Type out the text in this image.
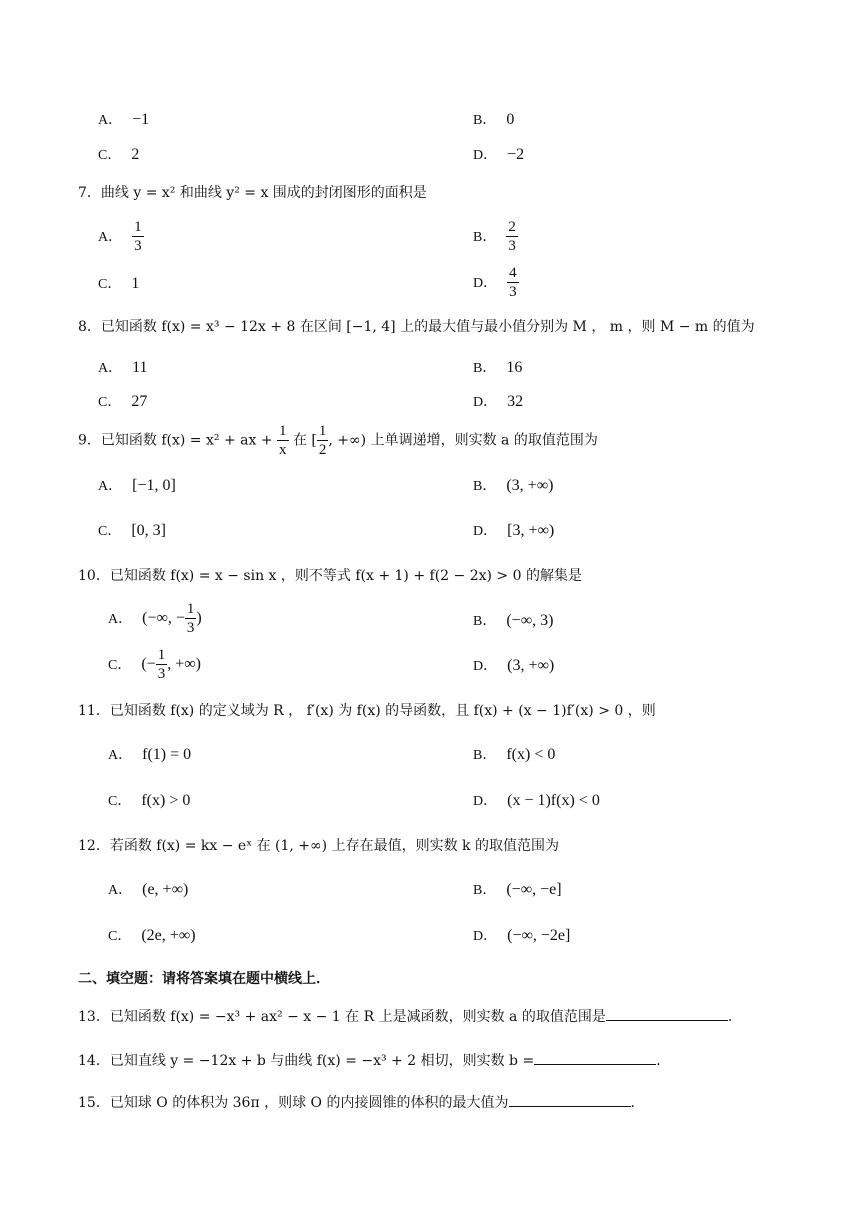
A． −1	B． 0
C． 2	D． −2
7．曲线 y = x² 和曲线 y² = x 围成的封闭图形的面积是
A． $\frac{1}{3}$	B． $\frac{2}{3}$
C． 1	D． $\frac{4}{3}$
8．已知函数 f(x) = x³ − 12x + 8 在区间 [−1, 4] 上的最大值与最小值分别为 M ， m ，则 M − m 的值为
A． 11	B． 16
C． 27	D． 32
9．已知函数 f(x) = x² + ax + $\frac{1}{x}$ 在 [ $\frac{1}{2}$ , +∞) 上单调递增，则实数 a 的取值范围为
A． [−1, 0]	B． (3, +∞)
C． [0, 3]	D． [3, +∞)
10．已知函数 f(x) = x − sin x ，则不等式 f(x + 1) + f(2 − 2x) > 0 的解集是
A． (−∞, − $\frac{1}{3}$ )	B． (−∞, 3)
C． (− $\frac{1}{3}$ , +∞)	D． (3, +∞)
11．已知函数 f(x) 的定义域为 R ， f′(x) 为 f(x) 的导函数，且 f(x) + (x − 1)f′(x) > 0 ，则
A． f(1) = 0	B． f(x) < 0
C． f(x) > 0	D． (x − 1)f(x) < 0
12．若函数 f(x) = kx − eˣ 在 (1, +∞) 上存在最值，则实数 k 的取值范围为
A． (e, +∞)	B． (−∞, −e]
C． (2e, +∞)	D． (−∞, −2e]
二、填空题：请将答案填在题中横线上．
13．已知函数 f(x) = −x³ + ax² − x − 1 在 R 上是减函数，则实数 a 的取值范围是	．
14．已知直线 y = −12x + b 与曲线 f(x) = −x³ + 2 相切，则实数 b =	．
15．已知球 O 的体积为 36π ，则球 O 的内接圆锥的体积的最大值为	．
